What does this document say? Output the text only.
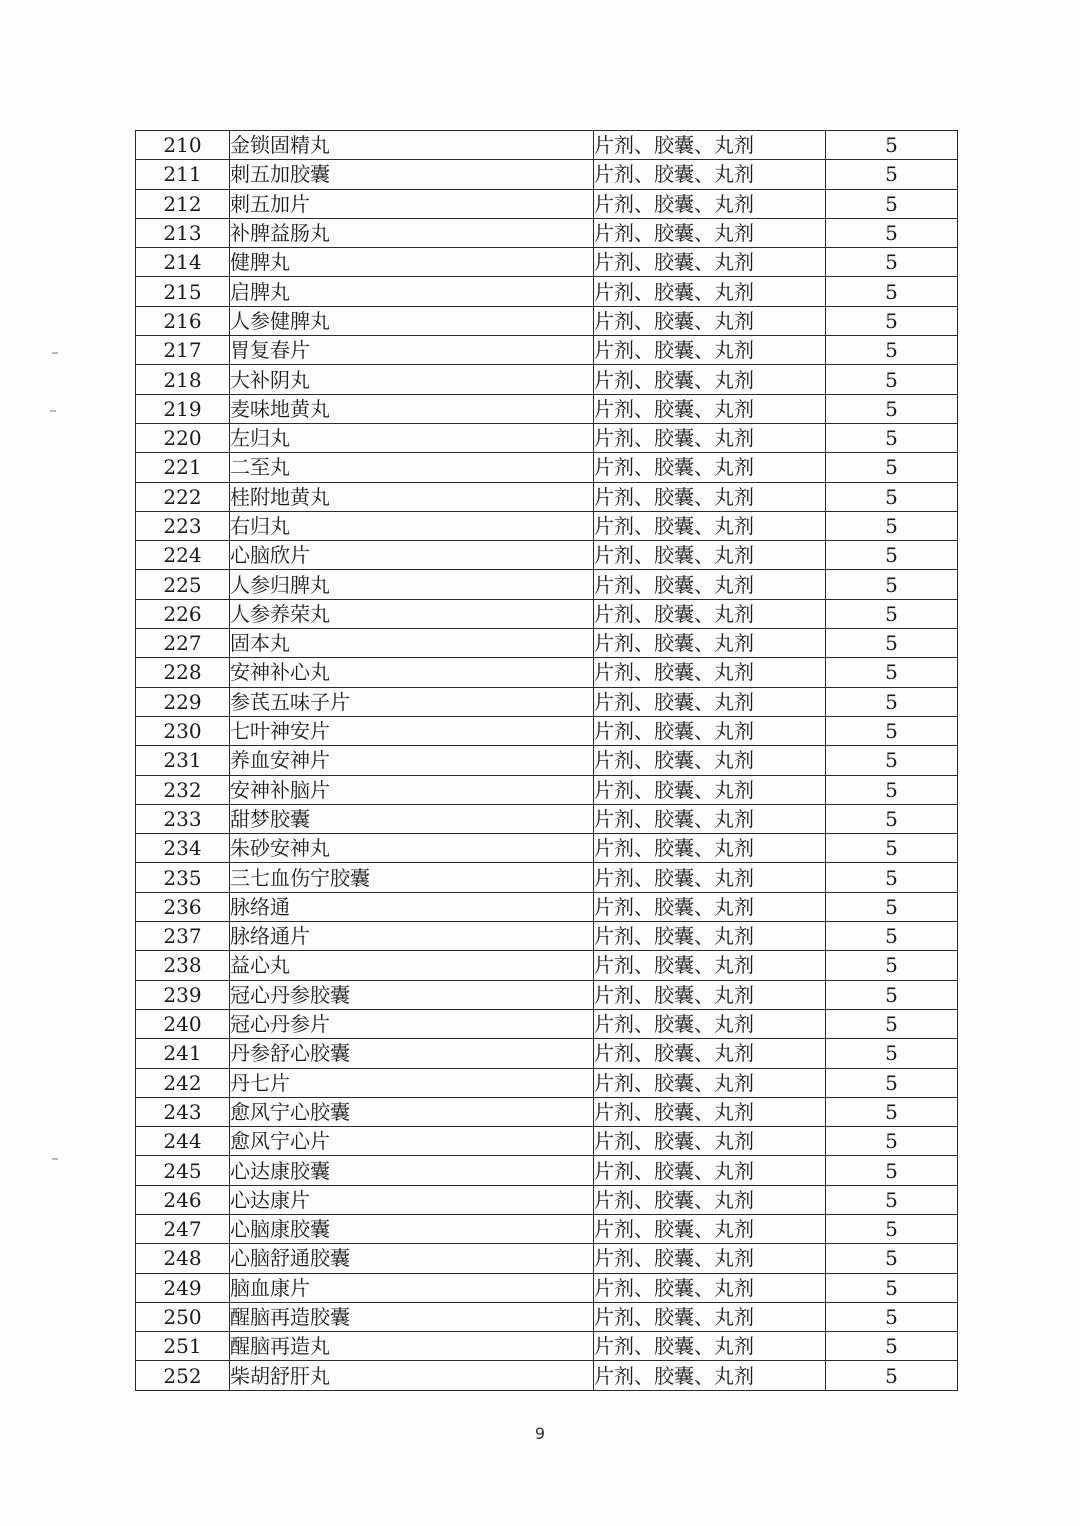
210	金锁固精丸	片剂、胶囊、丸剂	5
211	刺五加胶囊	片剂、胶囊、丸剂	5
212	刺五加片	片剂、胶囊、丸剂	5
213	补脾益肠丸	片剂、胶囊、丸剂	5
214	健脾丸	片剂、胶囊、丸剂	5
215	启脾丸	片剂、胶囊、丸剂	5
216	人参健脾丸	片剂、胶囊、丸剂	5
217	胃复春片	片剂、胶囊、丸剂	5
218	大补阴丸	片剂、胶囊、丸剂	5
219	麦味地黄丸	片剂、胶囊、丸剂	5
220	左归丸	片剂、胶囊、丸剂	5
221	二至丸	片剂、胶囊、丸剂	5
222	桂附地黄丸	片剂、胶囊、丸剂	5
223	右归丸	片剂、胶囊、丸剂	5
224	心脑欣片	片剂、胶囊、丸剂	5
225	人参归脾丸	片剂、胶囊、丸剂	5
226	人参养荣丸	片剂、胶囊、丸剂	5
227	固本丸	片剂、胶囊、丸剂	5
228	安神补心丸	片剂、胶囊、丸剂	5
229	参芪五味子片	片剂、胶囊、丸剂	5
230	七叶神安片	片剂、胶囊、丸剂	5
231	养血安神片	片剂、胶囊、丸剂	5
232	安神补脑片	片剂、胶囊、丸剂	5
233	甜梦胶囊	片剂、胶囊、丸剂	5
234	朱砂安神丸	片剂、胶囊、丸剂	5
235	三七血伤宁胶囊	片剂、胶囊、丸剂	5
236	脉络通	片剂、胶囊、丸剂	5
237	脉络通片	片剂、胶囊、丸剂	5
238	益心丸	片剂、胶囊、丸剂	5
239	冠心丹参胶囊	片剂、胶囊、丸剂	5
240	冠心丹参片	片剂、胶囊、丸剂	5
241	丹参舒心胶囊	片剂、胶囊、丸剂	5
242	丹七片	片剂、胶囊、丸剂	5
243	愈风宁心胶囊	片剂、胶囊、丸剂	5
244	愈风宁心片	片剂、胶囊、丸剂	5
245	心达康胶囊	片剂、胶囊、丸剂	5
246	心达康片	片剂、胶囊、丸剂	5
247	心脑康胶囊	片剂、胶囊、丸剂	5
248	心脑舒通胶囊	片剂、胶囊、丸剂	5
249	脑血康片	片剂、胶囊、丸剂	5
250	醒脑再造胶囊	片剂、胶囊、丸剂	5
251	醒脑再造丸	片剂、胶囊、丸剂	5
252	柴胡舒肝丸	片剂、胶囊、丸剂	5
9
